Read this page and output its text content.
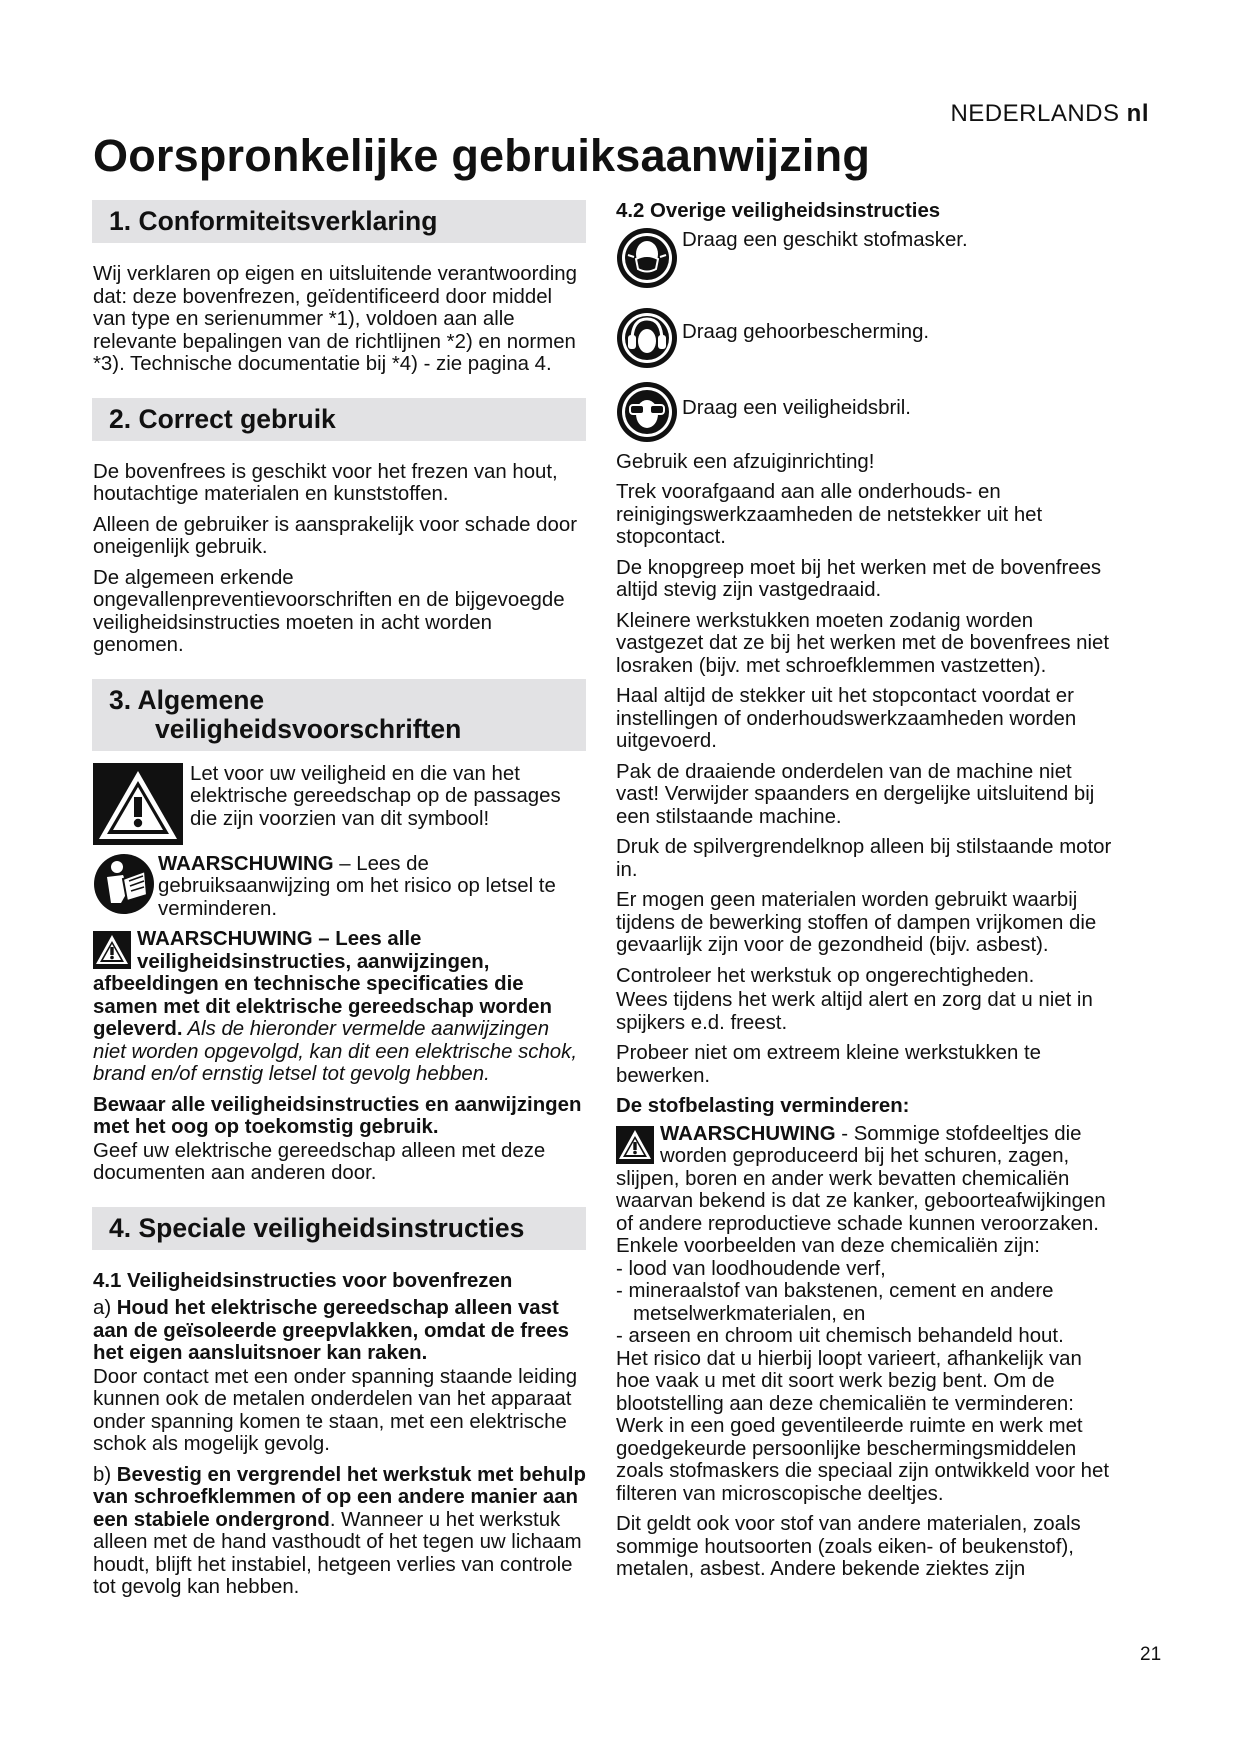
NEDERLANDS nl
Oorspronkelijke gebruiksaanwijzing
1. Conformiteitsverklaring

Wij verklaren op eigen en uitsluitende verantwoording dat: deze bovenfrezen, geïdentificeerd door middel van type en serienummer *1), voldoen aan alle relevante bepalingen van de richtlijnen *2) en normen *3). Technische documentatie bij *4) - zie pagina 4.

2. Correct gebruik

De bovenfrees is geschikt voor het frezen van hout, houtachtige materialen en kunststoffen.

Alleen de gebruiker is aansprakelijk voor schade door oneigenlijk gebruik.

De algemeen erkende ongevallenpreventievoorschriften en de bijgevoegde veiligheidsinstructies moeten in acht worden genomen.

3. Algemene
veiligheidsvoorschriften

Let voor uw veiligheid en die van het elektrische gereedschap op de passages die zijn voorzien van dit symbool!

WAARSCHUWING – Lees de gebruiksaanwijzing om het risico op letsel te verminderen.

WAARSCHUWING – Lees alle veiligheidsinstructies, aanwijzingen, afbeeldingen en technische specificaties die samen met dit elektrische gereedschap worden geleverd. Als de hieronder vermelde aanwijzingen niet worden opgevolgd, kan dit een elektrische schok, brand en/of ernstig letsel tot gevolg hebben.

Bewaar alle veiligheidsinstructies en aanwijzingen met het oog op toekomstig gebruik.

Geef uw elektrische gereedschap alleen met deze documenten aan anderen door.

4. Speciale veiligheidsinstructies

4.1 Veiligheidsinstructies voor bovenfrezen

a) Houd het elektrische gereedschap alleen vast aan de geïsoleerde greepvlakken, omdat de frees het eigen aansluitsnoer kan raken.

Door contact met een onder spanning staande leiding kunnen ook de metalen onderdelen van het apparaat onder spanning komen te staan, met een elektrische schok als mogelijk gevolg.

b) Bevestig en vergrendel het werkstuk met behulp van schroefklemmen of op een andere manier aan een stabiele ondergrond. Wanneer u het werkstuk alleen met de hand vasthoudt of het tegen uw lichaam houdt, blijft het instabiel, hetgeen verlies van controle tot gevolg kan hebben.

4.2 Overige veiligheidsinstructies

Draag een geschikt stofmasker.
Draag gehoorbescherming.
Draag een veiligheidsbril.

Gebruik een afzuiginrichting!

Trek voorafgaand aan alle onderhouds- en reinigingswerkzaamheden de netstekker uit het stopcontact.

De knopgreep moet bij het werken met de bovenfrees altijd stevig zijn vastgedraaid.

Kleinere werkstukken moeten zodanig worden vastgezet dat ze bij het werken met de bovenfrees niet losraken (bijv. met schroefklemmen vastzetten).

Haal altijd de stekker uit het stopcontact voordat er instellingen of onderhoudswerkzaamheden worden uitgevoerd.

Pak de draaiende onderdelen van de machine niet vast! Verwijder spaanders en dergelijke uitsluitend bij een stilstaande machine.

Druk de spilvergrendelknop alleen bij stilstaande motor in.

Er mogen geen materialen worden gebruikt waarbij tijdens de bewerking stoffen of dampen vrijkomen die gevaarlijk zijn voor de gezondheid (bijv. asbest).

Controleer het werkstuk op ongerechtigheden.

Wees tijdens het werk altijd alert en zorg dat u niet in spijkers e.d. freest.

Probeer niet om extreem kleine werkstukken te bewerken.

De stofbelasting verminderen:

WAARSCHUWING - Sommige stofdeeltjes die worden geproduceerd bij het schuren, zagen, slijpen, boren en ander werk bevatten chemicaliën waarvan bekend is dat ze kanker, geboorteafwijkingen of andere reproductieve schade kunnen veroorzaken. Enkele voorbeelden van deze chemicaliën zijn:

- lood van loodhoudende verf,

- mineraalstof van bakstenen, cement en andere

metselwerkmaterialen, en

- arseen en chroom uit chemisch behandeld hout.

Het risico dat u hierbij loopt varieert, afhankelijk van hoe vaak u met dit soort werk bezig bent. Om de blootstelling aan deze chemicaliën te verminderen: Werk in een goed geventileerde ruimte en werk met goedgekeurde persoonlijke beschermingsmiddelen zoals stofmaskers die speciaal zijn ontwikkeld voor het filteren van microscopische deeltjes.

Dit geldt ook voor stof van andere materialen, zoals sommige houtsoorten (zoals eiken- of beukenstof), metalen, asbest. Andere bekende ziektes zijn

21
